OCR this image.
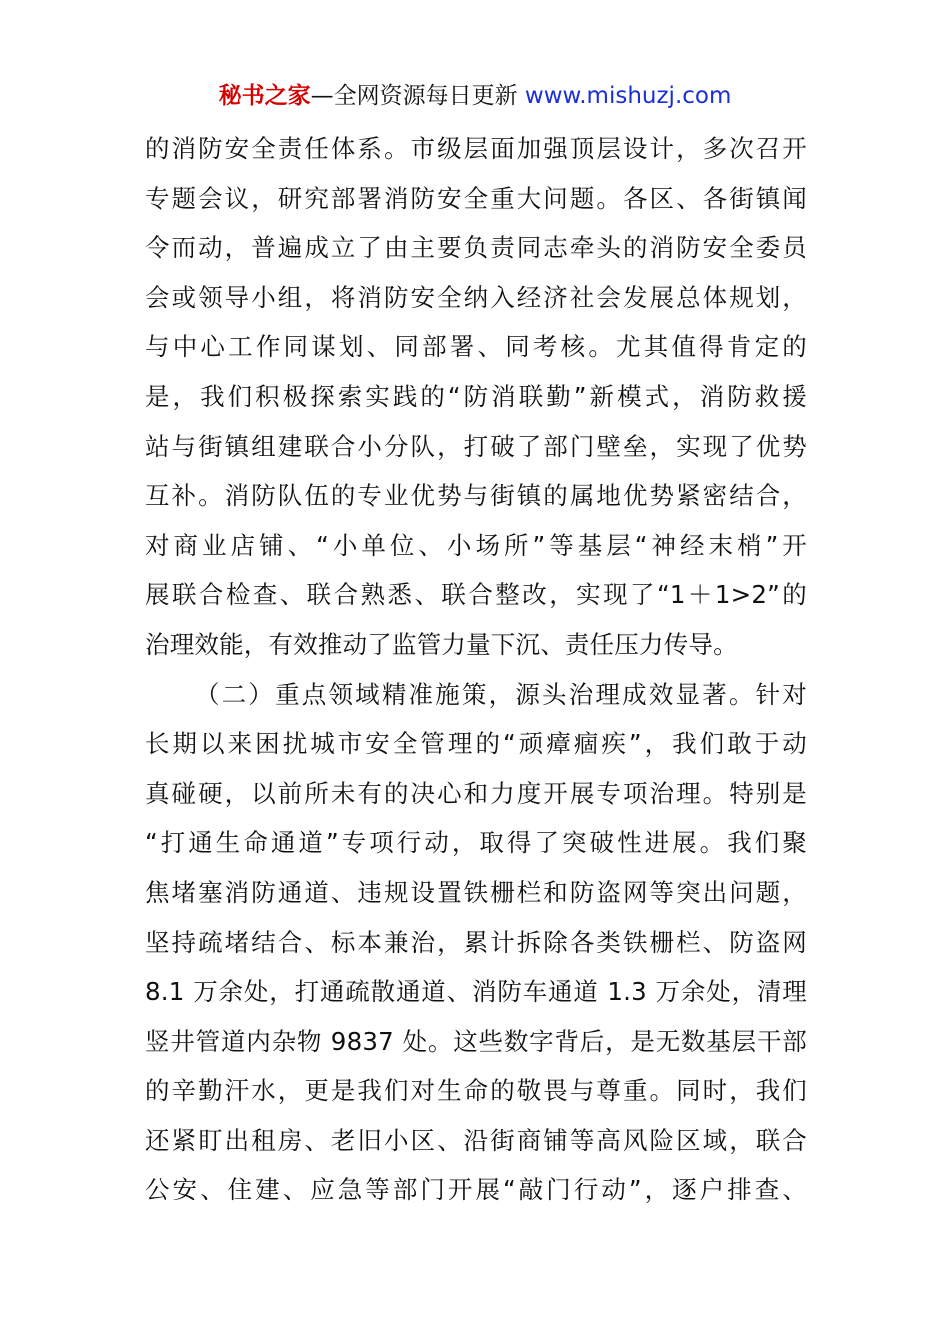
秘书之家—全网资源每日更新 www.mishuzj.com
的消防安全责任体系。市级层面加强顶层设计，多次召开
专题会议，研究部署消防安全重大问题。各区、各街镇闻
令而动，普遍成立了由主要负责同志牵头的消防安全委员
会或领导小组，将消防安全纳入经济社会发展总体规划，
与中心工作同谋划、同部署、同考核。尤其值得肯定的
是，我们积极探索实践的“防消联勤”新模式，消防救援
站与街镇组建联合小分队，打破了部门壁垒，实现了优势
互补。消防队伍的专业优势与街镇的属地优势紧密结合，
对商业店铺、“小单位、小场所”等基层“神经末梢”开
展联合检查、联合熟悉、联合整改，实现了“1＋1>2”的
治理效能，有效推动了监管力量下沉、责任压力传导。
（二）重点领域精准施策，源头治理成效显著。针对
长期以来困扰城市安全管理的“顽瘴痼疾”，我们敢于动
真碰硬，以前所未有的决心和力度开展专项治理。特别是
“打通生命通道”专项行动，取得了突破性进展。我们聚
焦堵塞消防通道、违规设置铁栅栏和防盗网等突出问题，
坚持疏堵结合、标本兼治，累计拆除各类铁栅栏、防盗网
8.1 万余处，打通疏散通道、消防车通道 1.3 万余处，清理
竖井管道内杂物 9837 处。这些数字背后，是无数基层干部
的辛勤汗水，更是我们对生命的敬畏与尊重。同时，我们
还紧盯出租房、老旧小区、沿街商铺等高风险区域，联合
公安、住建、应急等部门开展“敲门行动”，逐户排查、
